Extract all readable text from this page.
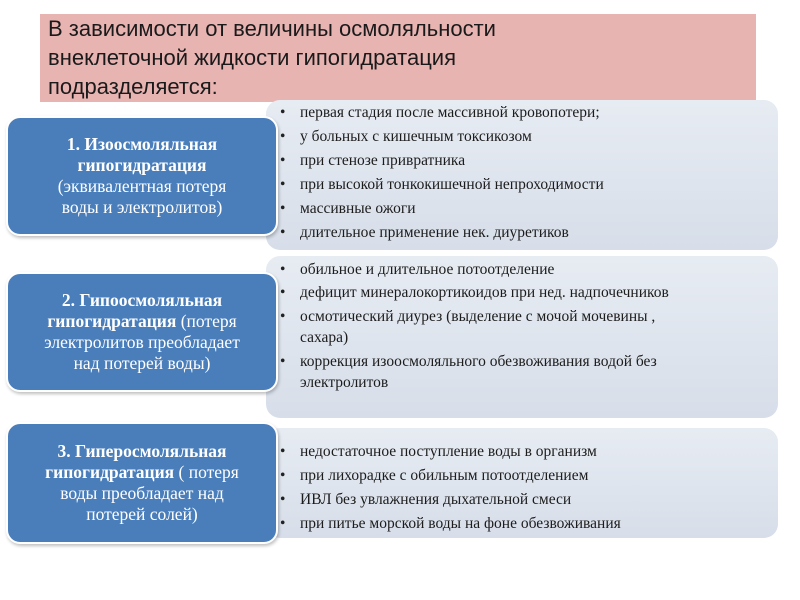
В зависимости от величины осмоляльности
внеклеточной жидкости гипогидратация
подразделяется:
• первая стадия после массивной кровопотери;
• у больных с кишечным токсикозом
• при стенозе привратника
• при высокой тонкокишечной непроходимости
• массивные ожоги
• длительное применение нек. диуретиков
1. Изоосмоляльная
гипогидратация
(эквивалентная потеря
воды и электролитов)
• обильное и длительное потоотделение
• дефицит минералокортикоидов при нед. надпочечников
• осмотический диурез (выделение с мочой мочевины , сахара)
• коррекция изоосмоляльного обезвоживания водой без электролитов
2. Гипоосмоляльная
гипогидратация (потеря
электролитов преобладает
над потерей воды)
• недостаточное поступление воды в организм
• при лихорадке с обильным потоотделением
• ИВЛ без увлажнения дыхательной смеси
• при питье морской воды на фоне обезвоживания
3. Гиперосмоляльная
гипогидратация ( потеря
воды преобладает над
потерей солей)
